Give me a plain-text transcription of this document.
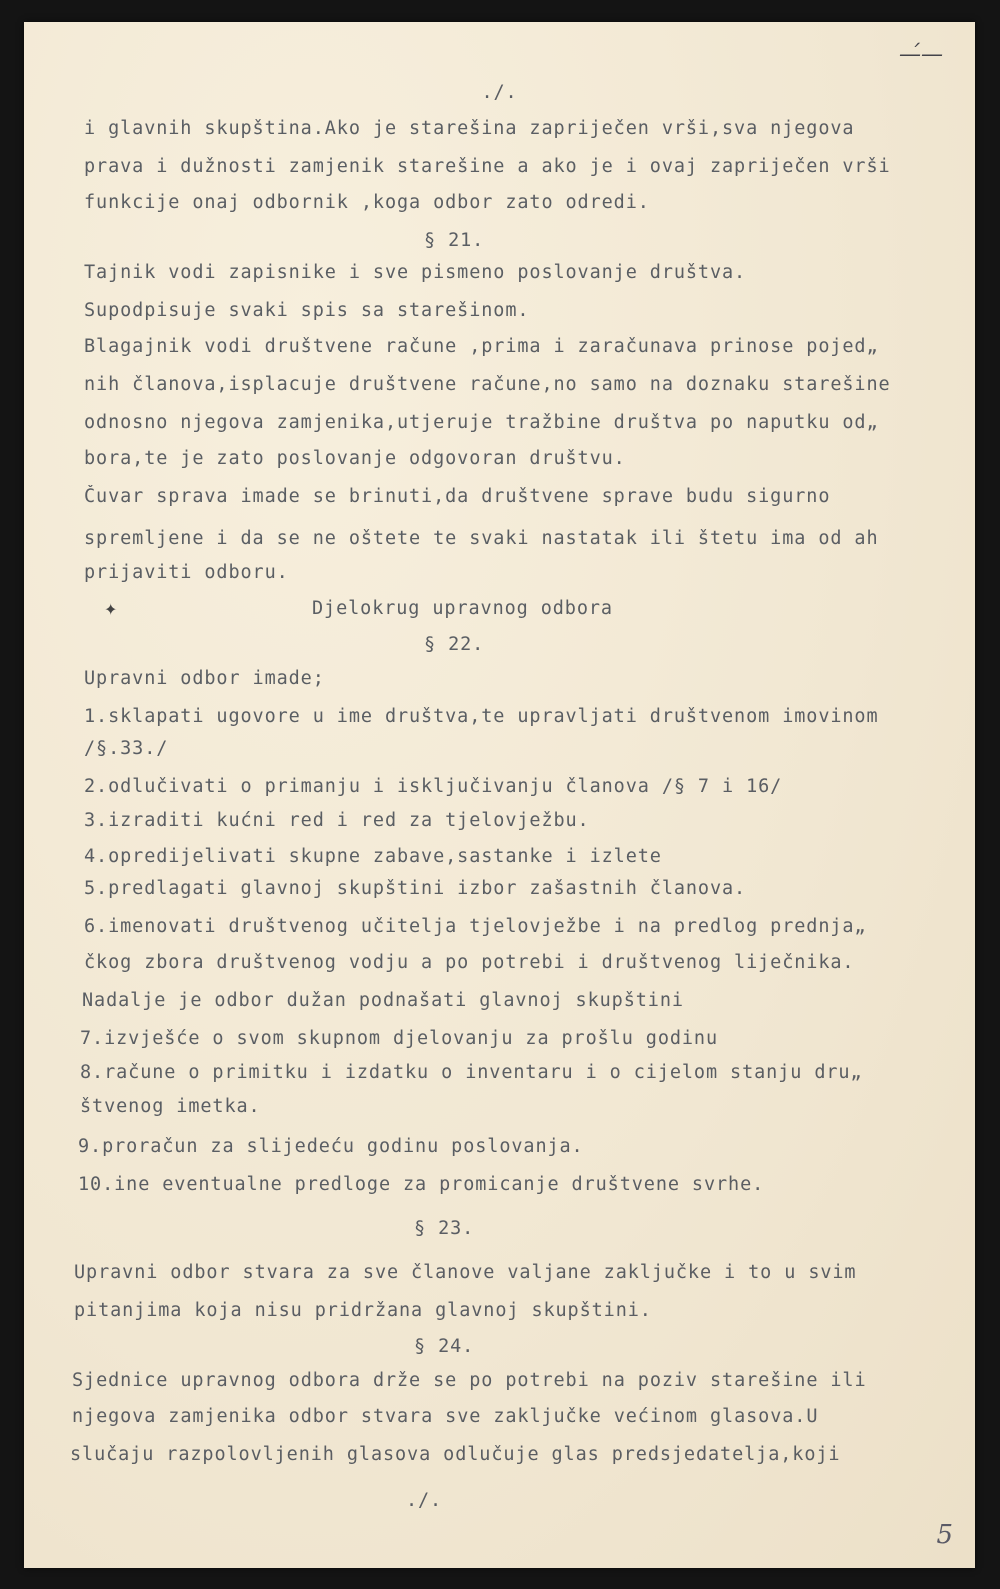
—́—
./.
i glavnih skupština.Ako je starešina zapriječen vrši,sva njegova
prava i dužnosti zamjenik starešine a ako je i ovaj zapriječen vrši
funkcije onaj odbornik ,koga odbor zato odredi.
§ 21.
Tajnik vodi zapisnike i sve pismeno poslovanje društva.
Supodpisuje svaki spis sa starešinom.
Blagajnik vodi društvene račune ,prima i zaračunava prinose pojed„
nih članova,isplacuje društvene račune,no samo na doznaku starešine
odnosno njegova zamjenika,utjeruje tražbine društva po naputku od„
bora,te je zato poslovanje odgovoran društvu.
Čuvar sprava imade se brinuti,da društvene sprave budu sigurno
spremljene i da se ne oštete te svaki nastatak ili štetu ima od ah
prijaviti odboru.
✦	Djelokrug upravnog odbora
§ 22.
Upravni odbor imade;
1.sklapati ugovore u ime društva,te upravljati društvenom imovinom
/§.33./
2.odlučivati o primanju i isključivanju članova /§ 7 i 16/
3.izraditi kućni red i red za tjelovježbu.
4.opredijelivati skupne zabave,sastanke i izlete
5.predlagati glavnoj skupštini izbor zašastnih članova.
6.imenovati društvenog učitelja tjelovježbe i na predlog prednja„
čkog zbora društvenog vodju a po potrebi i društvenog liječnika.
Nadalje je odbor dužan podnašati glavnoj skupštini
7.izvješće o svom skupnom djelovanju za prošlu godinu
8.račune o primitku i izdatku o inventaru i o cijelom stanju dru„
štvenog imetka.
9.proračun za slijedeću godinu poslovanja.
10.ine eventualne predloge za promicanje društvene svrhe.
§ 23.
Upravni odbor stvara za sve članove valjane zaključke i to u svim
pitanjima koja nisu pridržana glavnoj skupštini.
§ 24.
Sjednice upravnog odbora drže se po potrebi na poziv starešine ili
njegova zamjenika odbor stvara sve zaključke većinom glasova.U
slučaju razpolovljenih glasova odlučuje glas predsjedatelja,koji
./.
5
